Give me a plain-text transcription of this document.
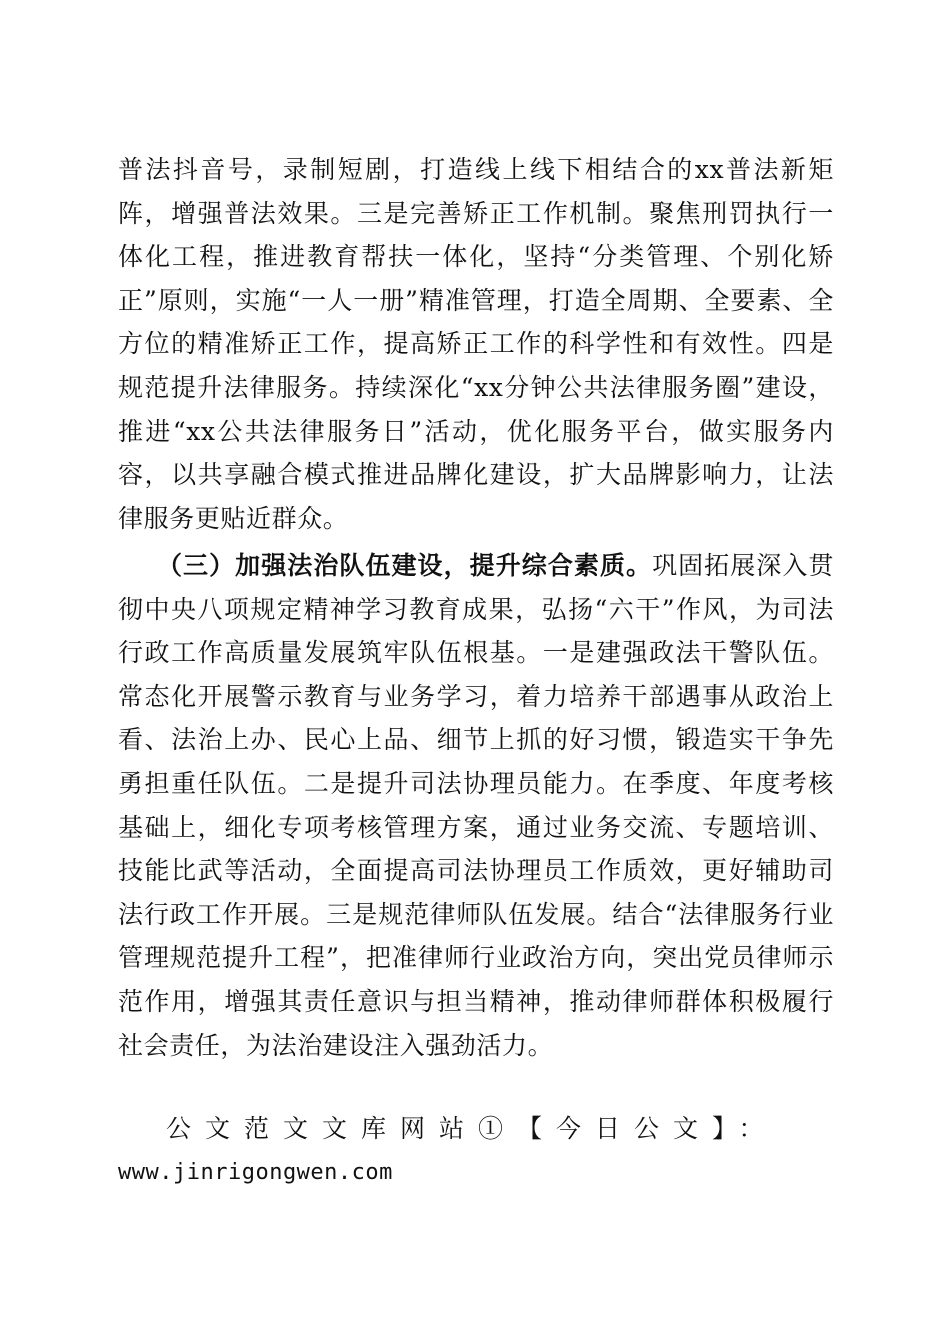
普法抖音号，录制短剧，打造线上线下相结合的xx普法新矩阵，增强普法效果。三是完善矫正工作机制。聚焦刑罚执行一体化工程，推进教育帮扶一体化，坚持“分类管理、个别化矫正”原则，实施“一人一册”精准管理，打造全周期、全要素、全方位的精准矫正工作，提高矫正工作的科学性和有效性。四是规范提升法律服务。持续深化“xx分钟公共法律服务圈”建设，推进“xx公共法律服务日”活动，优化服务平台，做实服务内容，以共享融合模式推进品牌化建设，扩大品牌影响力，让法律服务更贴近群众。
（三）加强法治队伍建设，提升综合素质。巩固拓展深入贯彻中央八项规定精神学习教育成果，弘扬“六干”作风，为司法行政工作高质量发展筑牢队伍根基。一是建强政法干警队伍。常态化开展警示教育与业务学习，着力培养干部遇事从政治上看、法治上办、民心上品、细节上抓的好习惯，锻造实干争先勇担重任队伍。二是提升司法协理员能力。在季度、年度考核基础上，细化专项考核管理方案，通过业务交流、专题培训、技能比武等活动，全面提高司法协理员工作质效，更好辅助司法行政工作开展。三是规范律师队伍发展。结合“法律服务行业管理规范提升工程”，把准律师行业政治方向，突出党员律师示范作用，增强其责任意识与担当精神，推动律师群体积极履行社会责任，为法治建设注入强劲活力。
公文范文文库网站①【今日公文】：
www.jinrigongwen.com
